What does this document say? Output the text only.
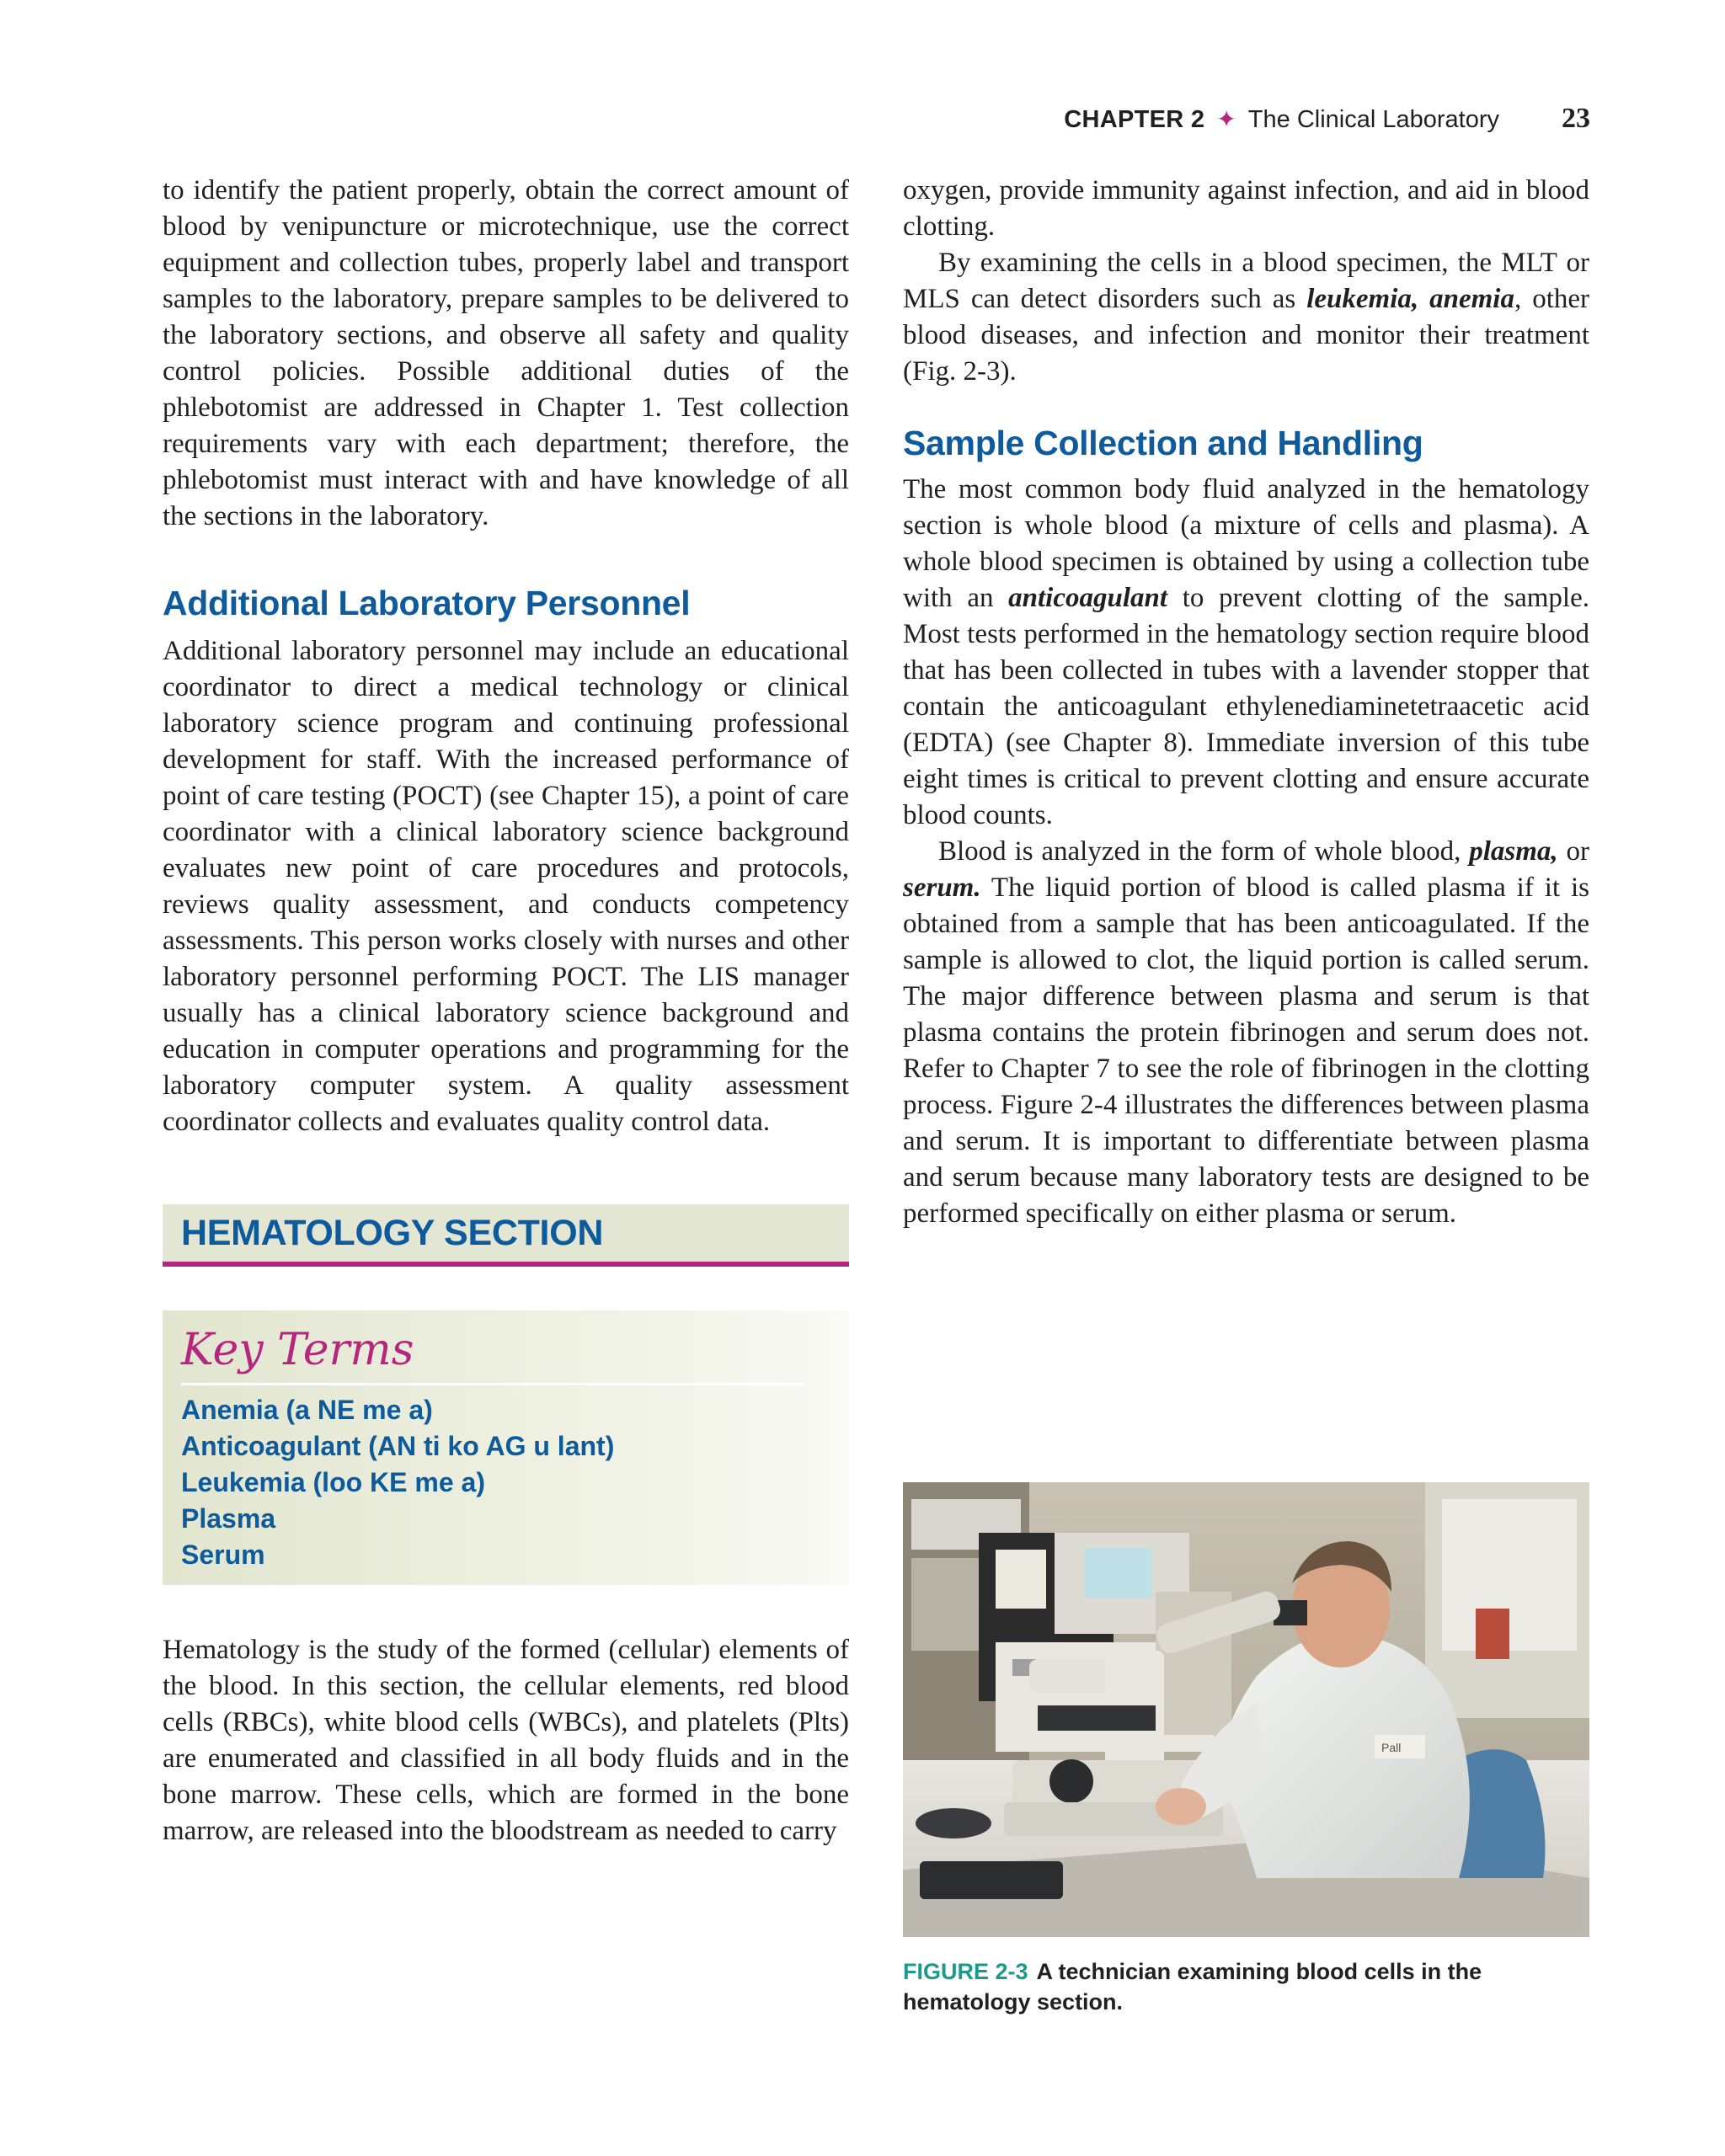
CHAPTER 2 ✦ The Clinical Laboratory 23

to identify the patient properly, obtain the correct amount of blood by venipuncture or microtechnique, use the correct equipment and collection tubes, properly label and transport samples to the laboratory, prepare samples to be delivered to the laboratory sections, and observe all safety and quality control policies. Possible additional duties of the phlebotomist are addressed in Chapter 1. Test collection requirements vary with each department; therefore, the phlebotomist must interact with and have knowledge of all the sections in the laboratory.

Additional Laboratory Personnel

Additional laboratory personnel may include an educational coordinator to direct a medical technology or clinical laboratory science program and continuing professional development for staff. With the increased performance of point of care testing (POCT) (see Chapter 15), a point of care coordinator with a clinical laboratory science background evaluates new point of care procedures and protocols, reviews quality assessment, and conducts competency assessments. This person works closely with nurses and other laboratory personnel performing POCT. The LIS manager usually has a clinical laboratory science background and education in computer operations and programming for the laboratory computer system. A quality assessment coordinator collects and evaluates quality control data.

HEMATOLOGY SECTION
Key Terms
Anemia (a NE me a)
Anticoagulant (AN ti ko AG u lant)
Leukemia (loo KE me a)
Plasma
Serum

Hematology is the study of the formed (cellular) elements of the blood. In this section, the cellular elements, red blood cells (RBCs), white blood cells (WBCs), and platelets (Plts) are enumerated and classified in all body fluids and in the bone marrow. These cells, which are formed in the bone marrow, are released into the bloodstream as needed to carry

oxygen, provide immunity against infection, and aid in blood clotting.

By examining the cells in a blood specimen, the MLT or MLS can detect disorders such as leukemia, anemia, other blood diseases, and infection and monitor their treatment (Fig. 2-3).

Sample Collection and Handling

The most common body fluid analyzed in the hematology section is whole blood (a mixture of cells and plasma). A whole blood specimen is obtained by using a collection tube with an anticoagulant to prevent clotting of the sample. Most tests performed in the hematology section require blood that has been collected in tubes with a lavender stopper that contain the anticoagulant ethylenediaminetetraacetic acid (EDTA) (see Chapter 8). Immediate inversion of this tube eight times is critical to prevent clotting and ensure accurate blood counts.

Blood is analyzed in the form of whole blood, plasma, or serum. The liquid portion of blood is called plasma if it is obtained from a sample that has been anticoagulated. If the sample is allowed to clot, the liquid portion is called serum. The major difference between plasma and serum is that plasma contains the protein fibrinogen and serum does not. Refer to Chapter 7 to see the role of fibrinogen in the clotting process. Figure 2-4 illustrates the differences between plasma and serum. It is important to differentiate between plasma and serum because many laboratory tests are designed to be performed specifically on either plasma or serum.

Pall
FIGURE 2-3 A technician examining blood cells in the hematology section.
